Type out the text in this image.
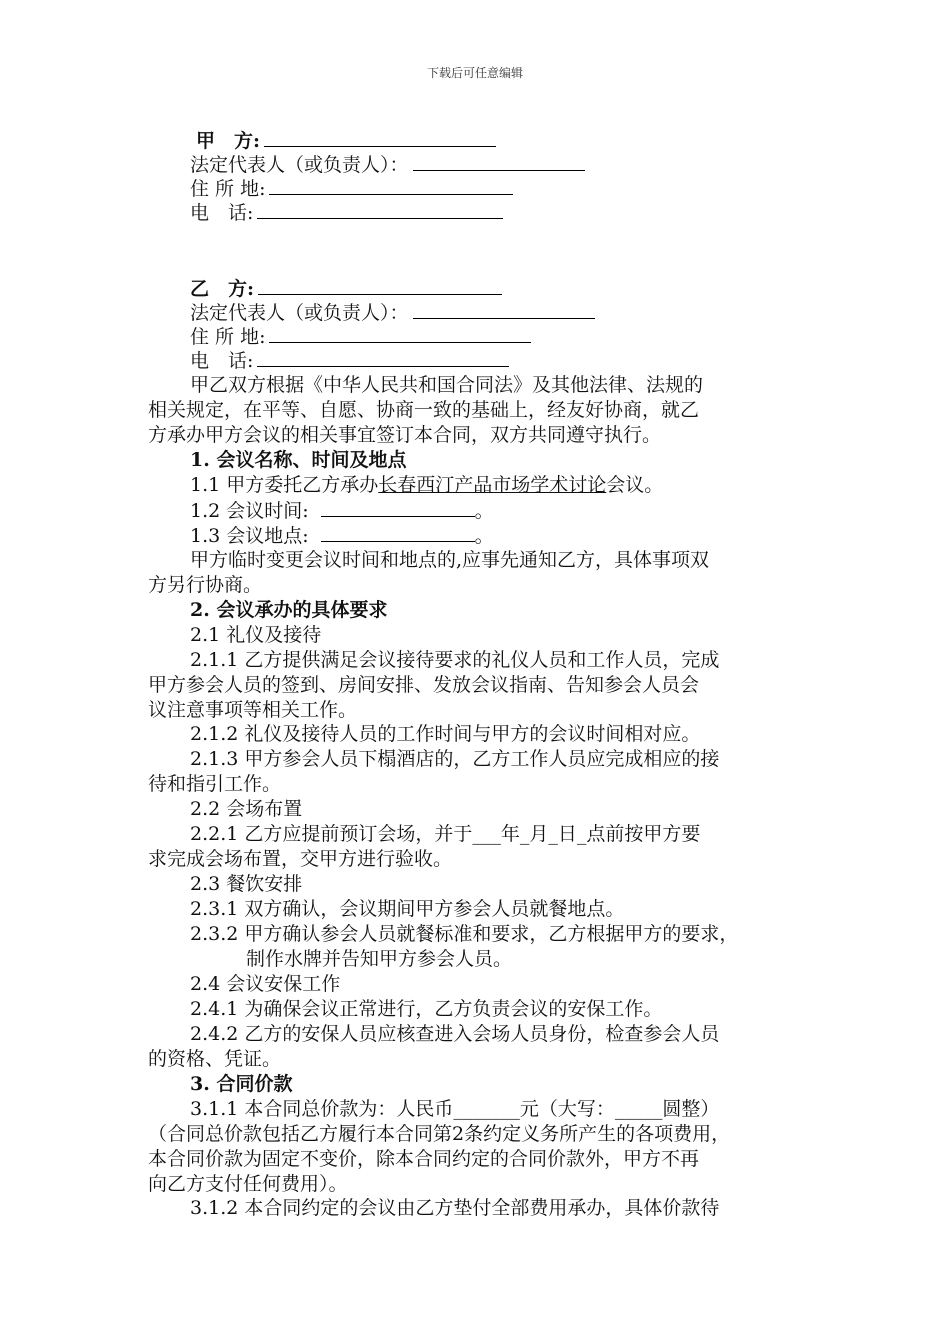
下载后可任意编辑
甲　方:
法定代表人（或负责人）：
住 所 地:
电　话:
乙　方:
法定代表人（或负责人）：
住 所 地:
电　话:
甲乙双方根据《中华人民共和国合同法》及其他法律、法规的
相关规定，在平等、自愿、协商一致的基础上，经友好协商，就乙
方承办甲方会议的相关事宜签订本合同，双方共同遵守执行。
1. 会议名称、时间及地点
1.1 甲方委托乙方承办长春西汀产品市场学术讨论会议。
1.2 会议时间:	。
1.3 会议地点:	。
甲方临时变更会议时间和地点的,应事先通知乙方，具体事项双
方另行协商。
2. 会议承办的具体要求
2.1 礼仪及接待
2.1.1 乙方提供满足会议接待要求的礼仪人员和工作人员，完成
甲方参会人员的签到、房间安排、发放会议指南、告知参会人员会
议注意事项等相关工作。
2.1.2 礼仪及接待人员的工作时间与甲方的会议时间相对应。
2.1.3 甲方参会人员下榻酒店的，乙方工作人员应完成相应的接
待和指引工作。
2.2 会场布置
2.2.1 乙方应提前预订会场，并于___年_月_日_点前按甲方要
求完成会场布置，交甲方进行验收。
2.3 餐饮安排
2.3.1 双方确认，会议期间甲方参会人员就餐地点。
2.3.2 甲方确认参会人员就餐标准和要求，乙方根据甲方的要求，
制作水牌并告知甲方参会人员。
2.4 会议安保工作
2.4.1 为确保会议正常进行，乙方负责会议的安保工作。
2.4.2 乙方的安保人员应核查进入会场人员身份，检查参会人员
的资格、凭证。
3. 合同价款
3.1.1 本合同总价款为：人民币_______元（大写：_____圆整）
（合同总价款包括乙方履行本合同第2条约定义务所产生的各项费用，
本合同价款为固定不变价，除本合同约定的合同价款外，甲方不再
向乙方支付任何费用）。
3.1.2 本合同约定的会议由乙方垫付全部费用承办，具体价款待
